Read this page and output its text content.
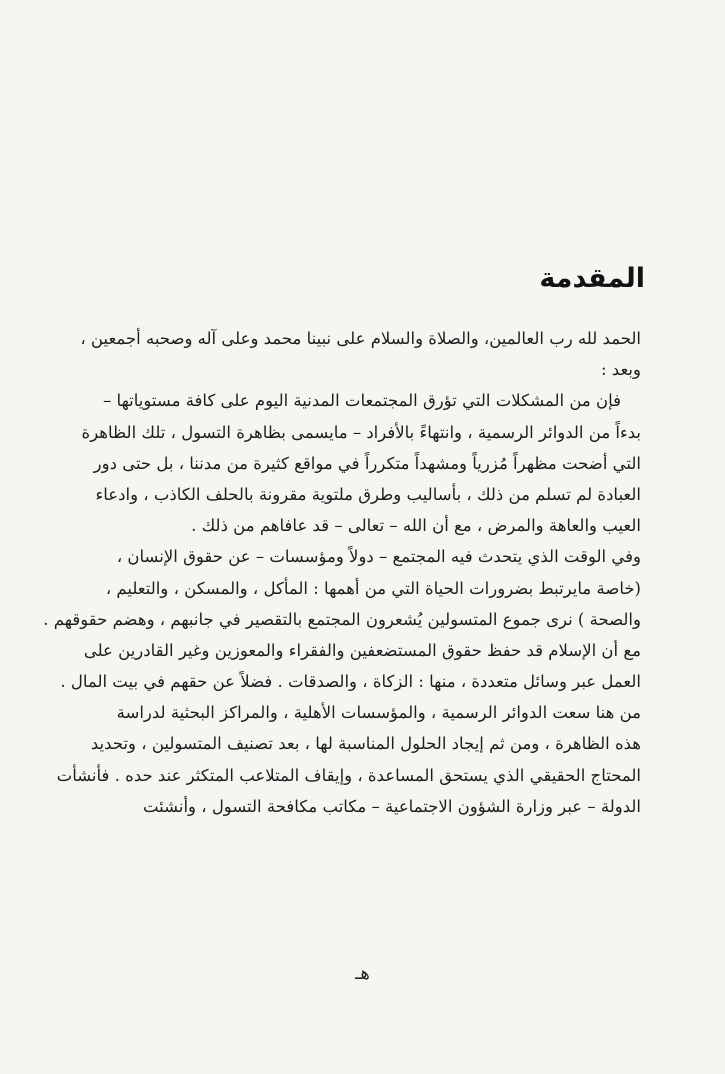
المقدمة
الحمد لله رب العالمين، والصلاة والسلام على نبينا محمد وعلى آله وصحبه أجمعين ،
وبعد :
فإن من المشكلات التي تؤرق المجتمعات المدنية اليوم على كافة مستوياتها –
بدءاً من الدوائر الرسمية ، وانتهاءً بالأفراد – مايسمى بظاهرة التسول ، تلك الظاهرة
التي أضحت مظهراً مُزرياً ومشهداً متكرراً في مواقع كثيرة من مدننا ، بل حتى دور
العبادة لم تسلم من ذلك ، بأساليب وطرق ملتوية مقرونة بالحلف الكاذب ، وادعاء
العيب والعاهة والمرض ، مع أن الله – تعالى – قد عافاهم من ذلك .
وفي الوقت الذي يتحدث فيه المجتمع – دولاً ومؤسسات – عن حقوق الإنسان ،
(خاصة مايرتبط بضرورات الحياة التي من أهمها : المأكل ، والمسكن ، والتعليم ،
والصحة ) نرى جموع المتسولين يُشعرون المجتمع بالتقصير في جانبهم ، وهضم حقوقهم .
مع أن الإسلام قد حفظ حقوق المستضعفين والفقراء والمعوزين وغير القادرين على
العمل عبر وسائل متعددة ، منها : الزكاة ، والصدقات . فضلاً عن حقهم في بيت المال .
من هنا سعت الدوائر الرسمية ، والمؤسسات الأهلية ، والمراكز البحثية لدراسة
هذه الظاهرة ، ومن ثم إيجاد الحلول المناسبة لها ، بعد تصنيف المتسولين ، وتحديد
المحتاج الحقيقي الذي يستحق المساعدة ، وإيقاف المتلاعب المتكثر عند حده . فأنشأت
الدولة – عبر وزارة الشؤون الاجتماعية – مكاتب مكافحة التسول ، وأنشئت
هـ
